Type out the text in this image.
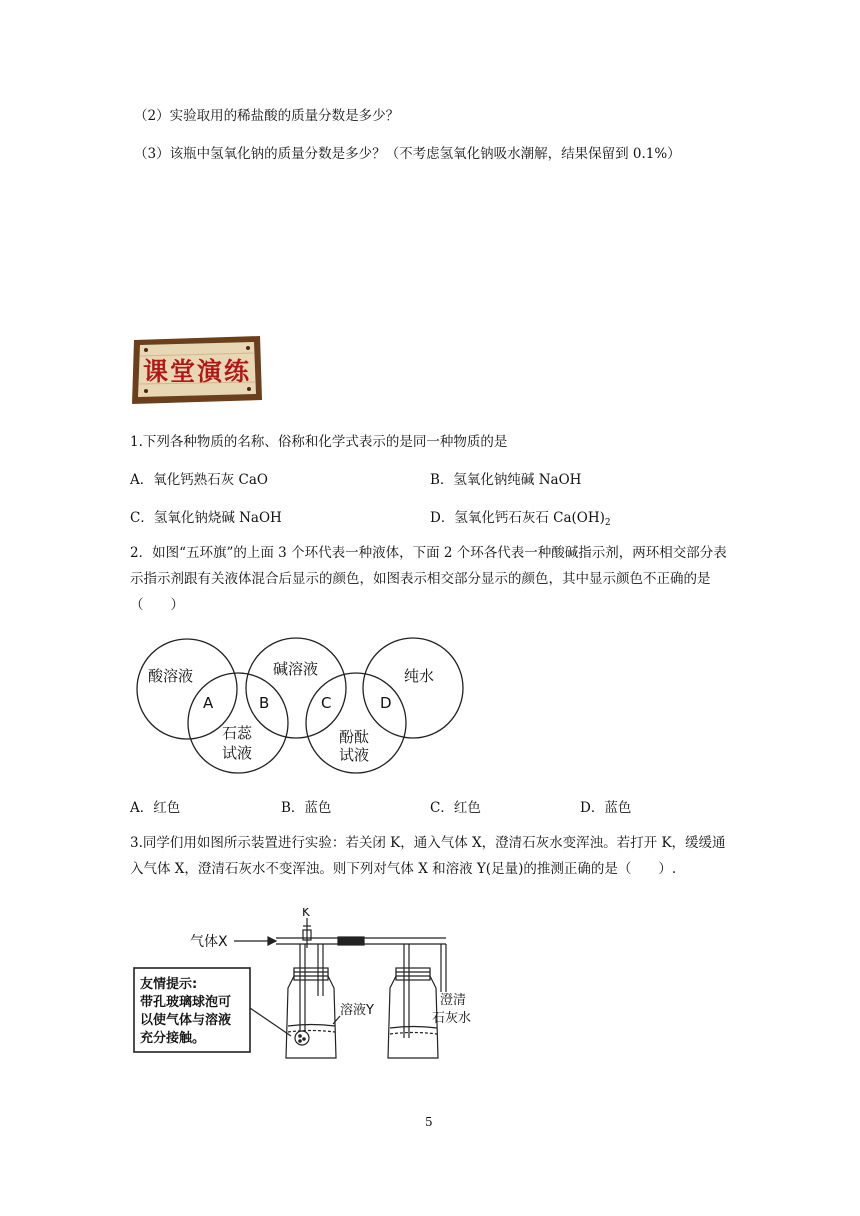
（2）实验取用的稀盐酸的质量分数是多少？
（3）该瓶中氢氧化钠的质量分数是多少？（不考虑氢氧化钠吸水潮解，结果保留到 0.1%）
课堂演练
1.下列各种物质的名称、俗称和化学式表示的是同一种物质的是
A．氧化钙熟石灰 CaO	B．氢氧化钠纯碱 NaOH
C．氢氧化钠烧碱 NaOH	D．氢氧化钙石灰石 $Ca(OH)_2$
2．如图“五环旗”的上面 3 个环代表一种液体，下面 2 个环各代表一种酸碱指示剂，两环相交部分表示指示剂跟有关液体混合后显示的颜色，如图表示相交部分显示的颜色，其中显示颜色不正确的是（　　）
酸溶液	碱溶液	纯水
石蕊
试液
酚酞
试液
A	B	C	D
A．红色	B．蓝色	C．红色	D．蓝色
3.同学们用如图所示装置进行实验：若关闭 K，通入气体 X，澄清石灰水变浑浊。若打开 K，缓缓通入气体 X，澄清石灰水不变浑浊。则下列对气体 X 和溶液 Y(足量)的推测正确的是（　　）.
气体X
K
友情提示:
带孔玻璃球泡可
以使气体与溶液
充分接触。
溶液Y
澄清
石灰水
5
